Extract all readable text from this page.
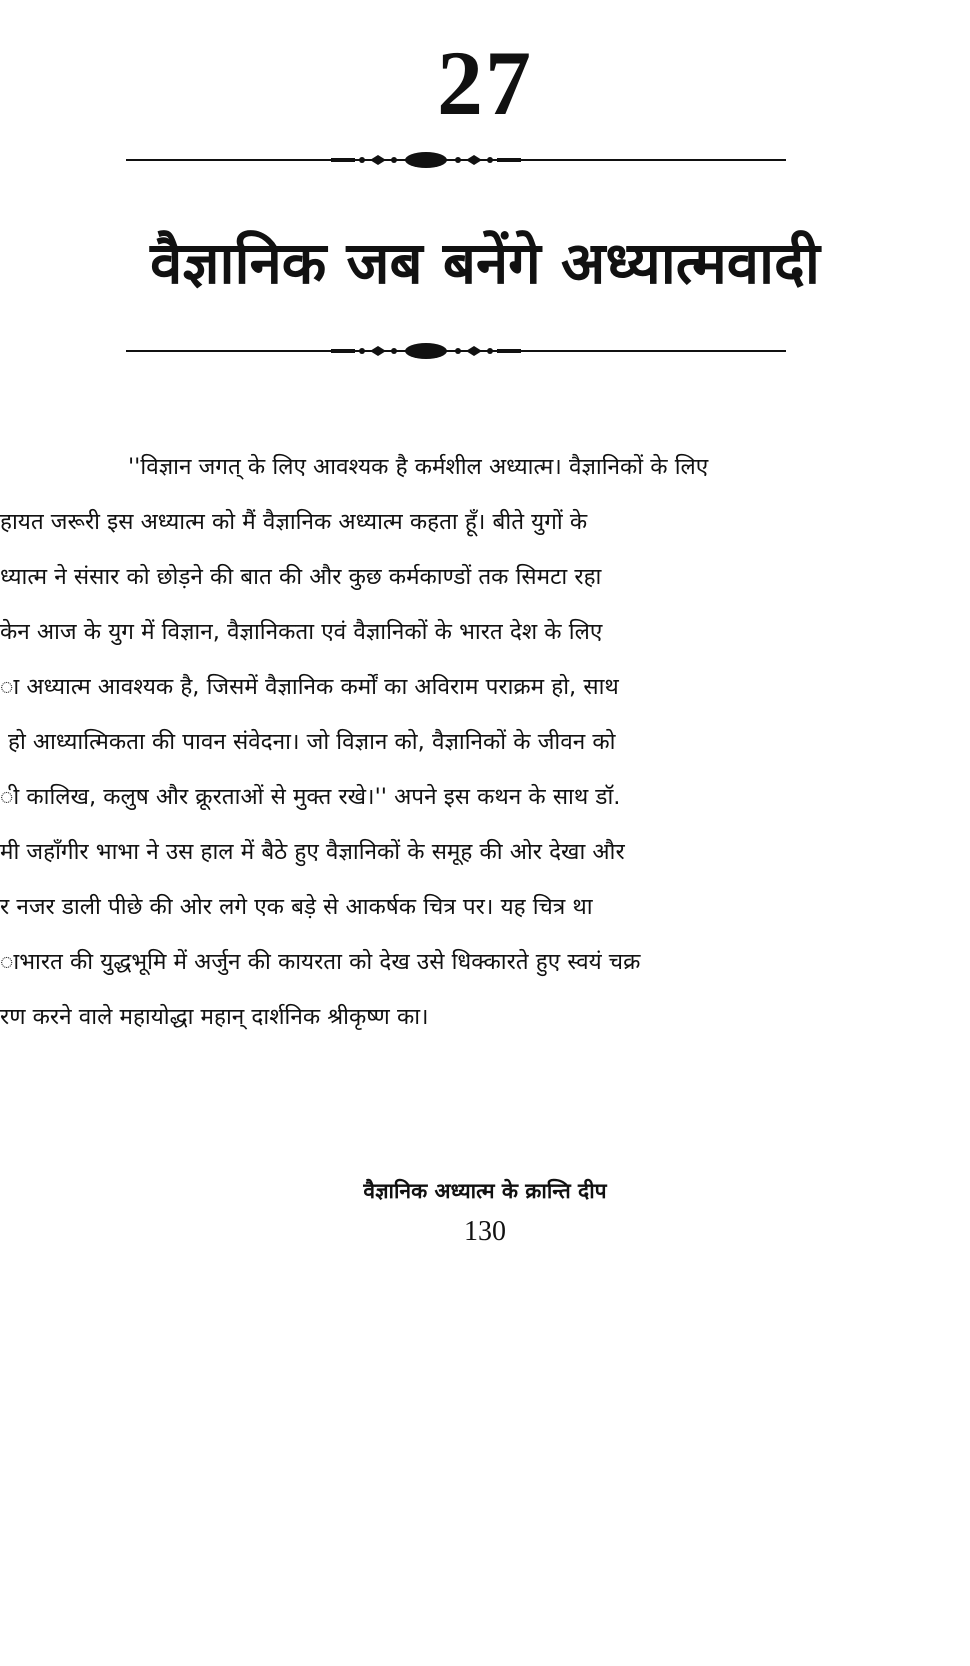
27
वैज्ञानिक जब बनेंगे अध्यात्मवादी
''विज्ञान जगत् के लिए आवश्यक है कर्मशील अध्यात्म। वैज्ञानिकों के लिए
हायत जरूरी इस अध्यात्म को मैं वैज्ञानिक अध्यात्म कहता हूँ। बीते युगों के
ध्यात्म ने संसार को छोड़ने की बात की और कुछ कर्मकाण्डों तक सिमटा रहा
केन आज के युग में विज्ञान, वैज्ञानिकता एवं वैज्ञानिकों के भारत देश के लिए
ा अध्यात्म आवश्यक है, जिसमें वैज्ञानिक कर्मों का अविराम पराक्रम हो, साथ
हो आध्यात्मिकता की पावन संवेदना। जो विज्ञान को, वैज्ञानिकों के जीवन को
ी कालिख, कलुष और क्रूरताओं से मुक्त रखे।'' अपने इस कथन के साथ डॉ.
मी जहाँगीर भाभा ने उस हाल में बैठे हुए वैज्ञानिकों के समूह की ओर देखा और
र नजर डाली पीछे की ओर लगे एक बड़े से आकर्षक चित्र पर। यह चित्र था
ाभारत की युद्धभूमि में अर्जुन की कायरता को देख उसे धिक्कारते हुए स्वयं चक्र
रण करने वाले महायोद्धा महान् दार्शनिक श्रीकृष्ण का।
वैज्ञानिक अध्यात्म के क्रान्ति दीप
130
